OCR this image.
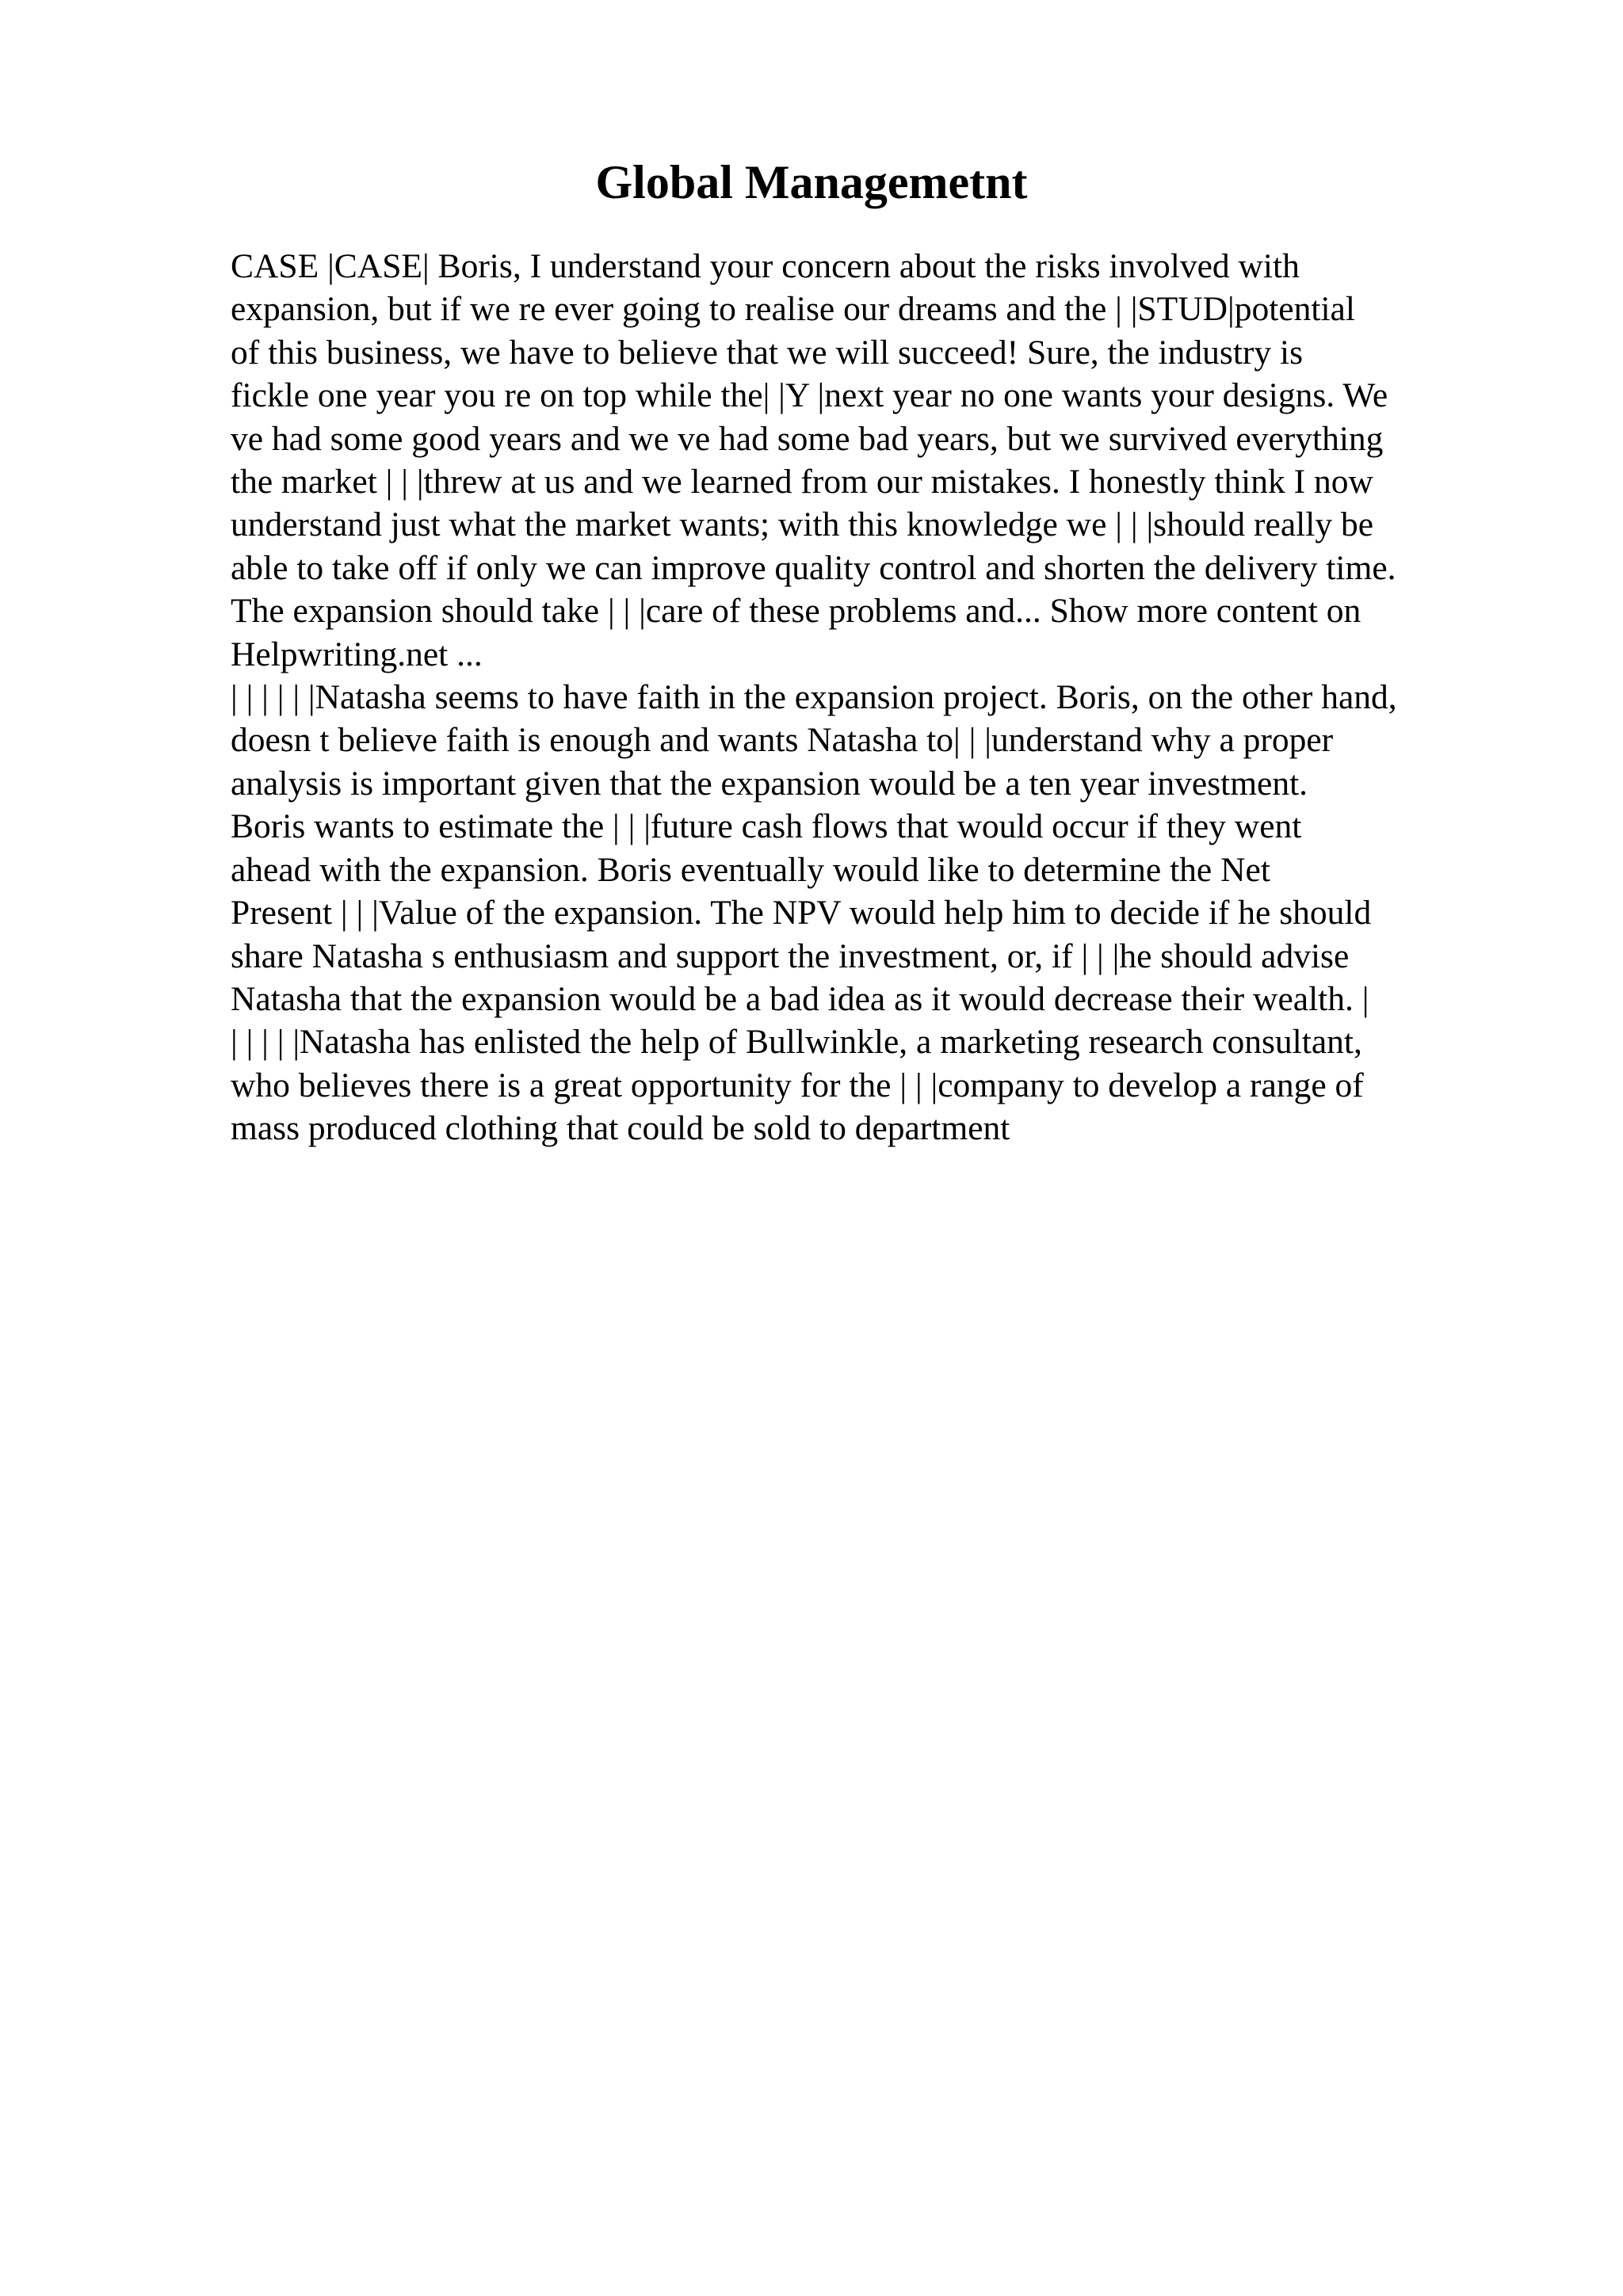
Global Managemetnt
CASE |CASE| Boris, I understand your concern about the risks involved with
expansion, but if we re ever going to realise our dreams and the | |STUD|potential
of this business, we have to believe that we will succeed! Sure, the industry is
fickle one year you re on top while the| |Y |next year no one wants your designs. We
ve had some good years and we ve had some bad years, but we survived everything
the market | | |threw at us and we learned from our mistakes. I honestly think I now
understand just what the market wants; with this knowledge we | | |should really be
able to take off if only we can improve quality control and shorten the delivery time.
The expansion should take | | |care of these problems and... Show more content on
Helpwriting.net ...
| | | | | |Natasha seems to have faith in the expansion project. Boris, on the other hand,
doesn t believe faith is enough and wants Natasha to| | |understand why a proper
analysis is important given that the expansion would be a ten year investment.
Boris wants to estimate the | | |future cash flows that would occur if they went
ahead with the expansion. Boris eventually would like to determine the Net
Present | | |Value of the expansion. The NPV would help him to decide if he should
share Natasha s enthusiasm and support the investment, or, if | | |he should advise
Natasha that the expansion would be a bad idea as it would decrease their wealth. |
| | | | |Natasha has enlisted the help of Bullwinkle, a marketing research consultant,
who believes there is a great opportunity for the | | |company to develop a range of
mass produced clothing that could be sold to department
